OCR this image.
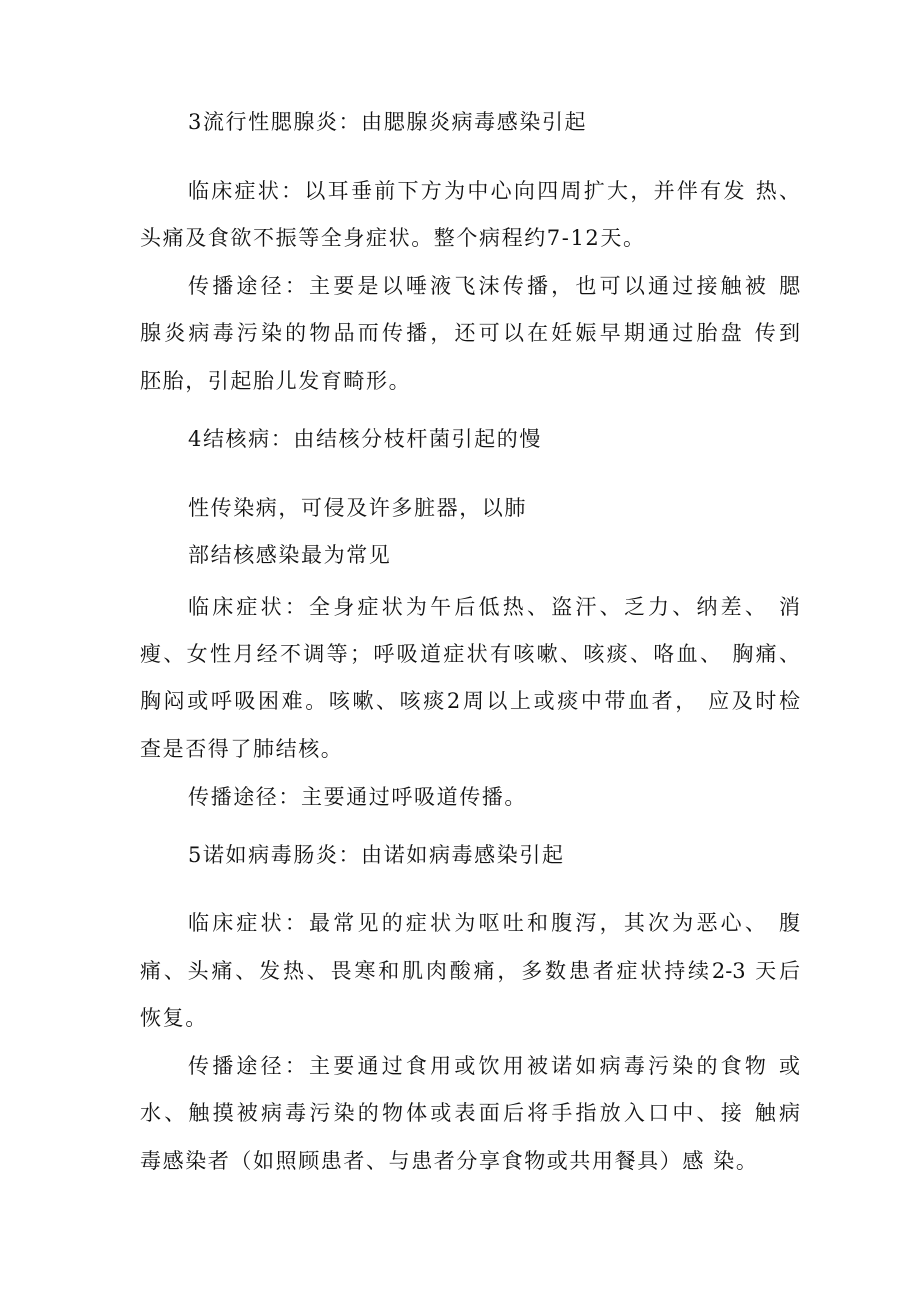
3流行性腮腺炎：由腮腺炎病毒感染引起
临床症状：以耳垂前下方为中心向四周扩大，并伴有发 热、
头痛及食欲不振等全身症状。整个病程约7-12天。
传播途径：主要是以唾液飞沫传播，也可以通过接触被 腮
腺炎病毒污染的物品而传播，还可以在妊娠早期通过胎盘 传到
胚胎，引起胎儿发育畸形。
4结核病：由结核分枝杆菌引起的慢
性传染病，可侵及许多脏器，以肺
部结核感染最为常见
临床症状：全身症状为午后低热、盗汗、乏力、纳差、 消
瘦、女性月经不调等；呼吸道症状有咳嗽、咳痰、咯血、 胸痛、
胸闷或呼吸困难。咳嗽、咳痰2周以上或痰中带血者， 应及时检
查是否得了肺结核。
传播途径：主要通过呼吸道传播。
5诺如病毒肠炎：由诺如病毒感染引起
临床症状：最常见的症状为呕吐和腹泻，其次为恶心、 腹
痛、头痛、发热、畏寒和肌肉酸痛，多数患者症状持续2-3 天后
恢复。
传播途径：主要通过食用或饮用被诺如病毒污染的食物 或
水、触摸被病毒污染的物体或表面后将手指放入口中、接 触病
毒感染者（如照顾患者、与患者分享食物或共用餐具）感 染。
